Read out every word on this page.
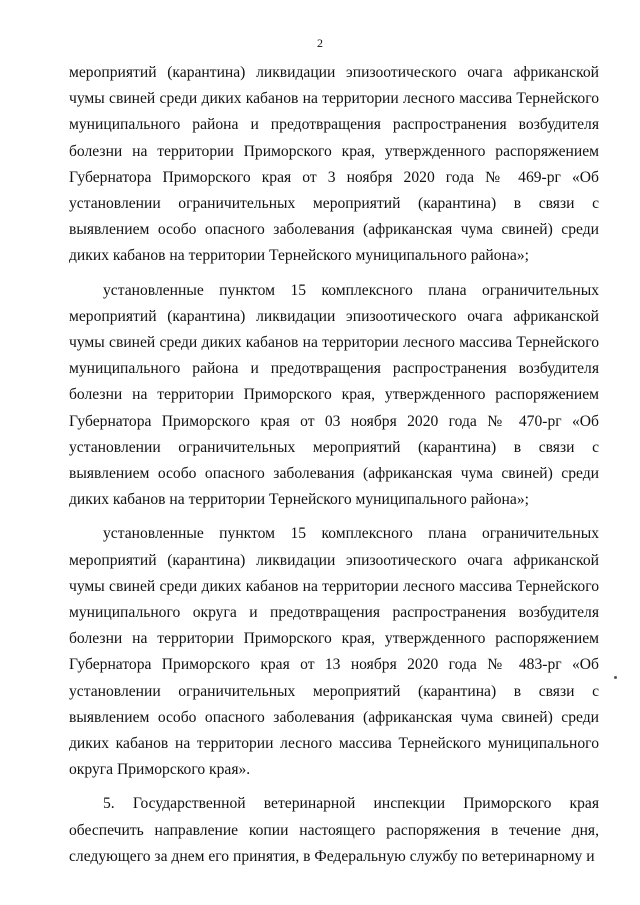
2

мероприятий (карантина) ликвидации эпизоотического очага африканской чумы свиней среди диких кабанов на территории лесного массива Тернейского муниципального района и предотвращения распространения возбудителя болезни на территории Приморского края, утвержденного распоряжением Губернатора Приморского края от 3 ноября 2020 года № 469-рг «Об установлении ограничительных мероприятий (карантина) в связи с выявлением особо опасного заболевания (африканская чума свиней) среди диких кабанов на территории Тернейского муниципального района»;

установленные пунктом 15 комплексного плана ограничительных мероприятий (карантина) ликвидации эпизоотического очага африканской чумы свиней среди диких кабанов на территории лесного массива Тернейского муниципального района и предотвращения распространения возбудителя болезни на территории Приморского края, утвержденного распоряжением Губернатора Приморского края от 03 ноября 2020 года № 470-рг «Об установлении ограничительных мероприятий (карантина) в связи с выявлением особо опасного заболевания (африканская чума свиней) среди диких кабанов на территории Тернейского муниципального района»;

установленные пунктом 15 комплексного плана ограничительных мероприятий (карантина) ликвидации эпизоотического очага африканской чумы свиней среди диких кабанов на территории лесного массива Тернейского муниципального округа и предотвращения распространения возбудителя болезни на территории Приморского края, утвержденного распоряжением Губернатора Приморского края от 13 ноября 2020 года № 483-рг «Об установлении ограничительных мероприятий (карантина) в связи с выявлением особо опасного заболевания (африканская чума свиней) среди диких кабанов на территории лесного массива Тернейского муниципального округа Приморского края».

5. Государственной ветеринарной инспекции Приморского края обеспечить направление копии настоящего распоряжения в течение дня, следующего за днем его принятия, в Федеральную службу по ветеринарному и
